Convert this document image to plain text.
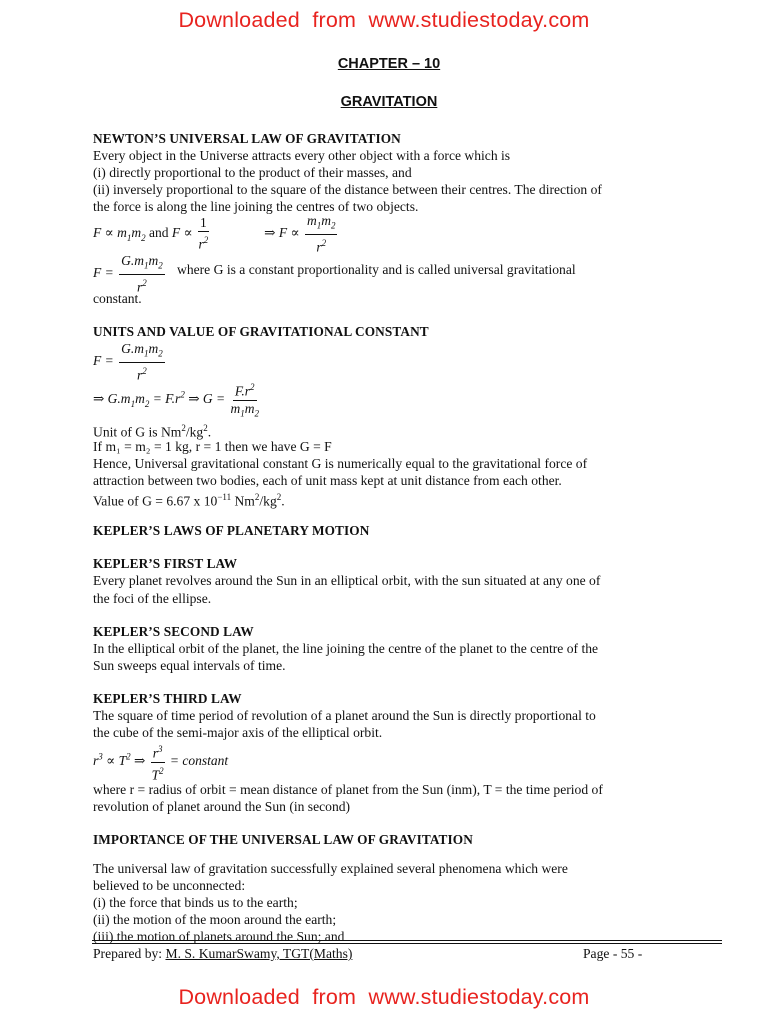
Downloaded  from  www.studiestoday.com
Downloaded  from  www.studiestoday.com
CHAPTER – 10
GRAVITATION
NEWTON’S UNIVERSAL LAW OF GRAVITATION
Every object in the Universe attracts every other object with a force which is
(i) directly proportional to the product of their masses, and
(ii) inversely proportional to the square of the distance between their centres. The direction of
the force is along the line joining the centres of two objects.
$F \propto m_1m_2$ and $F \propto \frac{1}{r^2}$	⇒ $F \propto \frac{m_1m_2}{r^2}$
$F = \frac{G.m_1m_2}{r^2}$ where G is a constant proportionality and is called universal gravitational
constant.
UNITS AND VALUE OF GRAVITATIONAL CONSTANT
$F = \frac{G.m_1m_2}{r^2}$
⇒ $G.m_1m_2 = F.r^2$ ⇒ $G = \frac{F.r^2}{m_1m_2}$
Unit of G is $Nm^2/kg^2$.
If m₁ = m₂ = 1 kg, r = 1 then we have G = F
Hence, Universal gravitational constant G is numerically equal to the gravitational force of
attraction between two bodies, each of unit mass kept at unit distance from each other.
Value of G = 6.67 x $10^{-11}$ $Nm^2/kg^2$.
KEPLER’S LAWS OF PLANETARY MOTION
KEPLER’S FIRST LAW
Every planet revolves around the Sun in an elliptical orbit, with the sun situated at any one of
the foci of the ellipse.
KEPLER’S SECOND LAW
In the elliptical orbit of the planet, the line joining the centre of the planet to the centre of the
Sun sweeps equal intervals of time.
KEPLER’S THIRD LAW
The square of time period of revolution of a planet around the Sun is directly proportional to
the cube of the semi-major axis of the elliptical orbit.
$r^3 \propto T^2$ ⇒ $\frac{r^3}{T^2}$ = constant
where r = radius of orbit = mean distance of planet from the Sun (inm), T = the time period of
revolution of planet around the Sun (in second)
IMPORTANCE OF THE UNIVERSAL LAW OF GRAVITATION
The universal law of gravitation successfully explained several phenomena which were
believed to be unconnected:
(i) the force that binds us to the earth;
(ii) the motion of the moon around the earth;
(iii) the motion of planets around the Sun; and
Prepared by: M. S. KumarSwamy, TGT(Maths)	Page - 55 -
